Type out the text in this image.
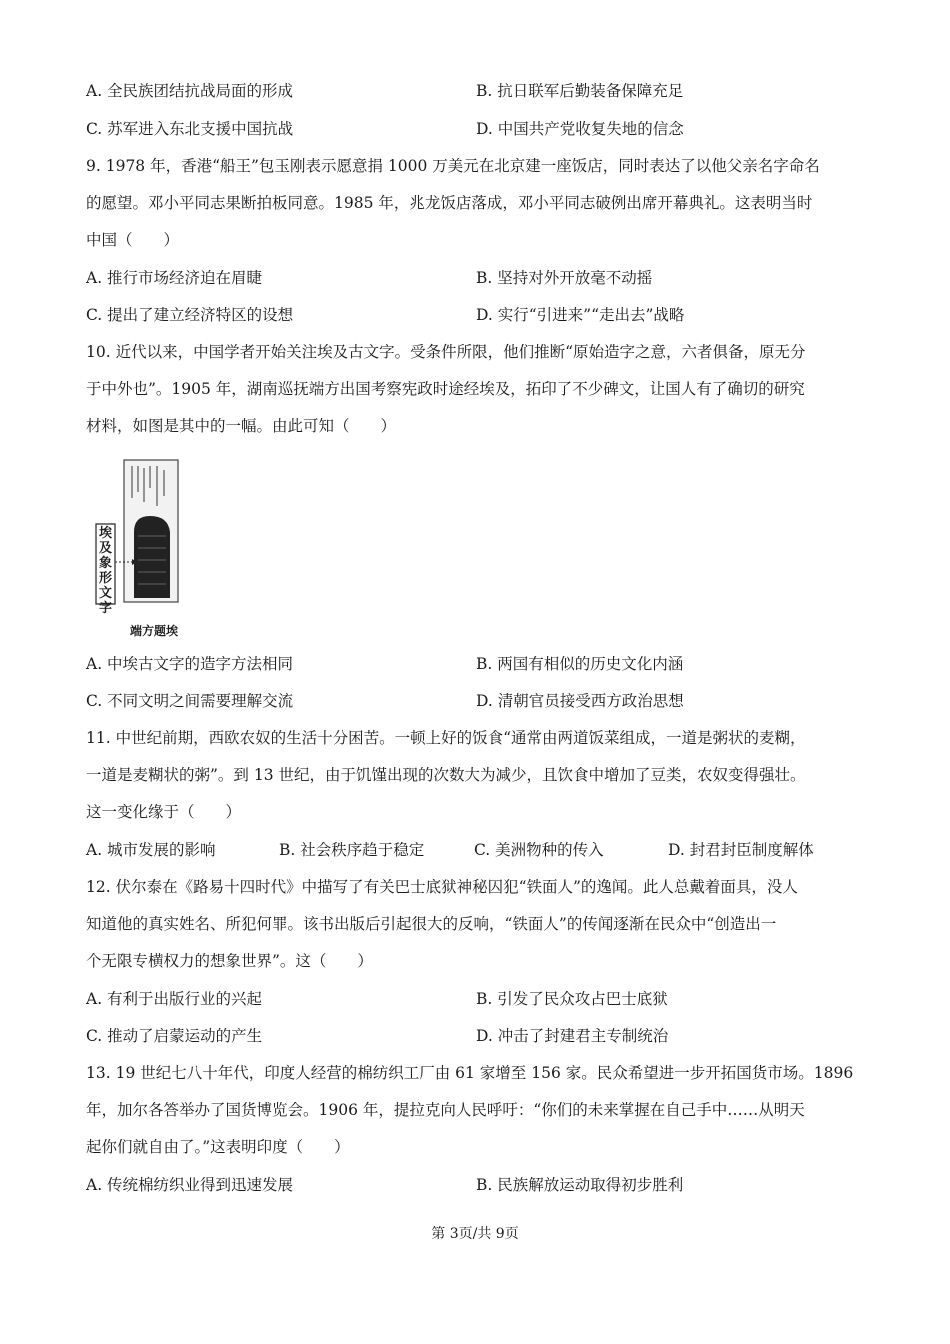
A. 全民族团结抗战局面的形成	B. 抗日联军后勤装备保障充足
C. 苏军进入东北支援中国抗战	D. 中国共产党收复失地的信念
9. 1978 年，香港“船王”包玉刚表示愿意捐 1000 万美元在北京建一座饭店，同时表达了以他父亲名字命名
的愿望。邓小平同志果断拍板同意。1985 年，兆龙饭店落成，邓小平同志破例出席开幕典礼。这表明当时
中国（　　）
A. 推行市场经济迫在眉睫	B. 坚持对外开放毫不动摇
C. 提出了建立经济特区的设想	D. 实行“引进来”“走出去”战略
10. 近代以来，中国学者开始关注埃及古文字。受条件所限，他们推断“原始造字之意，六者俱备，原无分
于中外也”。1905 年，湖南巡抚端方出国考察宪政时途经埃及，拓印了不少碑文，让国人有了确切的研究
材料，如图是其中的一幅。由此可知（　　）
埃及象形文字
端方题埃
A. 中埃古文字的造字方法相同	B. 两国有相似的历史文化内涵
C. 不同文明之间需要理解交流	D. 清朝官员接受西方政治思想
11. 中世纪前期，西欧农奴的生活十分困苦。一顿上好的饭食“通常由两道饭菜组成，一道是粥状的麦糊，
一道是麦糊状的粥”。到 13 世纪，由于饥馑出现的次数大为减少，且饮食中增加了豆类，农奴变得强壮。
这一变化缘于（　　）
A. 城市发展的影响	B. 社会秩序趋于稳定	C. 美洲物种的传入	D. 封君封臣制度解体
12. 伏尔泰在《路易十四时代》中描写了有关巴士底狱神秘囚犯“铁面人”的逸闻。此人总戴着面具，没人
知道他的真实姓名、所犯何罪。该书出版后引起很大的反响，“铁面人”的传闻逐渐在民众中“创造出一
个无限专横权力的想象世界”。这（　　）
A. 有利于出版行业的兴起	B. 引发了民众攻占巴士底狱
C. 推动了启蒙运动的产生	D. 冲击了封建君主专制统治
13. 19 世纪七八十年代，印度人经营的棉纺织工厂由 61 家增至 156 家。民众希望进一步开拓国货市场。1896
年，加尔各答举办了国货博览会。1906 年，提拉克向人民呼吁：“你们的未来掌握在自己手中……从明天
起你们就自由了。”这表明印度（　　）
A. 传统棉纺织业得到迅速发展	B. 民族解放运动取得初步胜利
第 3页/共 9页
